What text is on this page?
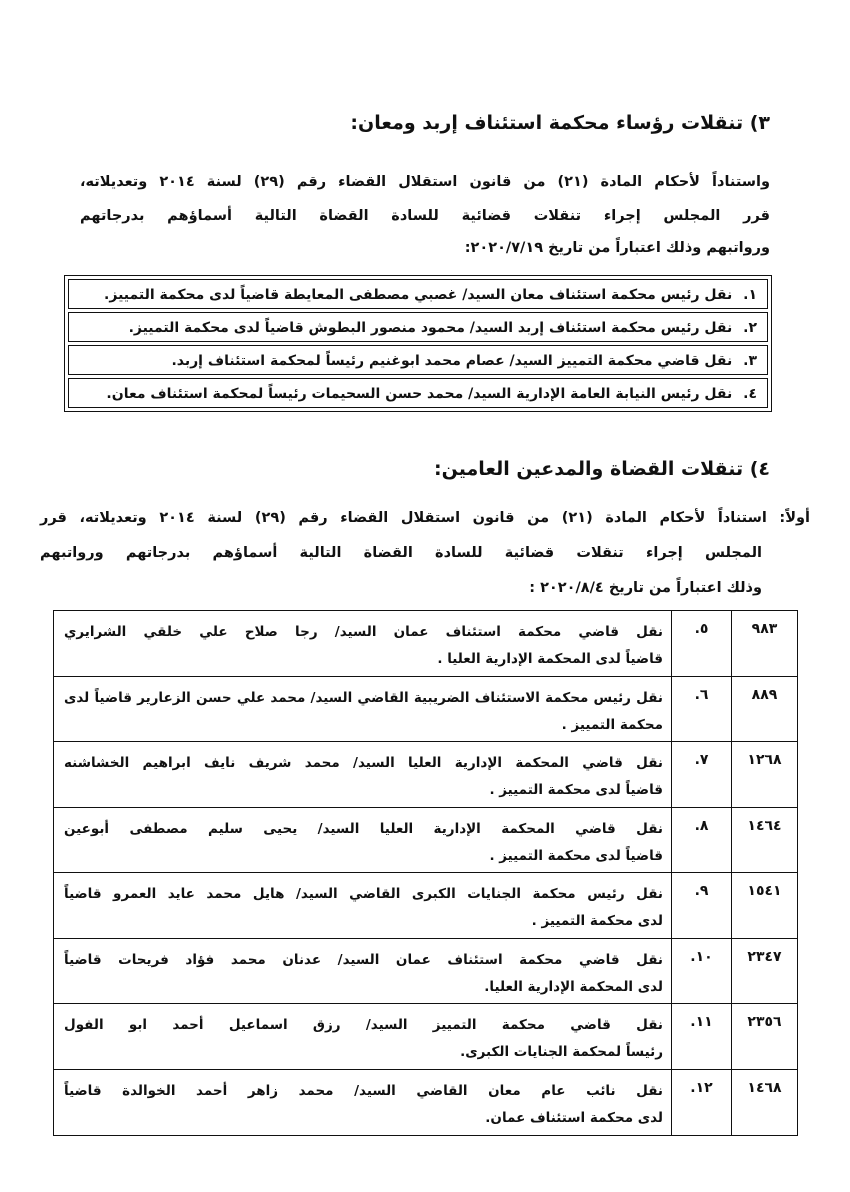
٣) تنقلات رؤساء محكمة استئناف إربد ومعان:
واستناداً لأحكام المادة (٢١) من قانون استقلال القضاء رقم (٢٩) لسنة ٢٠١٤ وتعديلاته،
قرر المجلس إجراء تنقلات قضائية للسادة القضاة التالية أسماؤهم بدرجاتهم
ورواتبهم وذلك اعتباراً من تاريخ ٢٠٢٠/٧/١٩:
١. نقل رئيس محكمة استئناف معان السيد/ غصبي مصطفى المعايطة قاضياً لدى محكمة التمييز.
٢. نقل رئيس محكمة استئناف إربد السيد/ محمود منصور البطوش قاضياً لدى محكمة التمييز.
٣. نقل قاضي محكمة التمييز السيد/ عصام محمد ابوغنيم رئيساً لمحكمة استئناف إربد.
٤. نقل رئيس النيابة العامة الإدارية السيد/ محمد حسن السحيمات رئيساً لمحكمة استئناف معان.
٤) تنقلات القضاة والمدعين العامين:
أولاً: استناداً لأحكام المادة (٢١) من قانون استقلال القضاء رقم (٢٩) لسنة ٢٠١٤ وتعديلاته، قرر
المجلس إجراء تنقلات قضائية للسادة القضاة التالية أسماؤهم بدرجاتهم ورواتبهم
وذلك اعتباراً من تاريخ ٢٠٢٠/٨/٤ :
٩٨٣
٥.
نقل قاضي محكمة استئناف عمان السيد/ رجا صلاح علي خلقي الشرايري
قاضياً لدى المحكمة الإدارية العليا .
٨٨٩
٦.
نقل رئيس محكمة الاستئناف الضريبية القاضي السيد/ محمد علي حسن الزعارير قاضياً لدى
محكمة التمييز .
١٢٦٨
٧.
نقل قاضي المحكمة الإدارية العليا السيد/ محمد شريف نايف ابراهيم الخشاشنه
قاضياً لدى محكمة التمييز .
١٤٦٤
٨.
نقل قاضي المحكمة الإدارية العليا السيد/ يحيى سليم مصطفى أبوعين
قاضياً لدى محكمة التمييز .
١٥٤١
٩.
نقل رئيس محكمة الجنايات الكبرى القاضي السيد/ هايل محمد عايد العمرو قاضياً
لدى محكمة التمييز .
٢٣٤٧
١٠.
نقل قاضي محكمة استئناف عمان السيد/ عدنان محمد فؤاد فريحات قاضياً
لدى المحكمة الإدارية العليا.
٢٣٥٦
١١.
نقل قاضي محكمة التمييز السيد/ رزق اسماعيل أحمد ابو الفول
رئيساً لمحكمة الجنايات الكبرى.
١٤٦٨
١٢.
نقل نائب عام معان القاضي السيد/ محمد زاهر أحمد الخوالدة قاضياً
لدى محكمة استئناف عمان.
